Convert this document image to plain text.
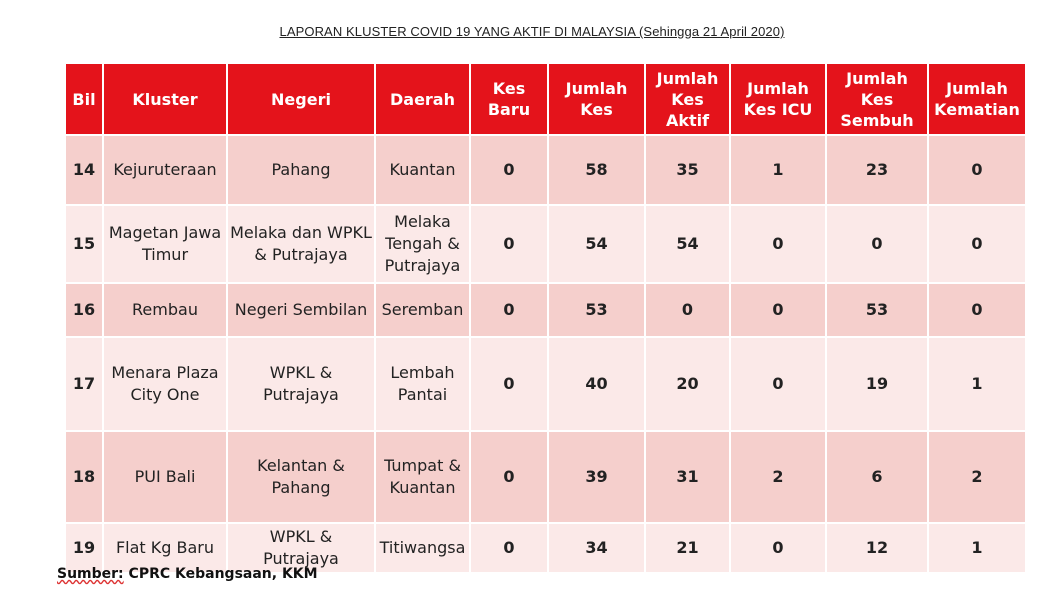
LAPORAN KLUSTER COVID 19 YANG AKTIF DI MALAYSIA (Sehingga 21 April 2020)
Bil	Kluster	Negeri	Daerah	Kes Baru	Jumlah Kes	Jumlah Kes Aktif	Jumlah Kes ICU	Jumlah Kes Sembuh	Jumlah Kematian
14	Kejuruteraan	Pahang	Kuantan	0	58	35	1	23	0
15	Magetan Jawa Timur	Melaka dan WPKL & Putrajaya	Melaka Tengah & Putrajaya	0	54	54	0	0	0
16	Rembau	Negeri Sembilan	Seremban	0	53	0	0	53	0
17	Menara Plaza City One	WPKL & Putrajaya	Lembah Pantai	0	40	20	0	19	1
18	PUI Bali	Kelantan & Pahang	Tumpat & Kuantan	0	39	31	2	6	2
19	Flat Kg Baru	WPKL & Putrajaya	Titiwangsa	0	34	21	0	12	1
Sumber: CPRC Kebangsaan, KKM
